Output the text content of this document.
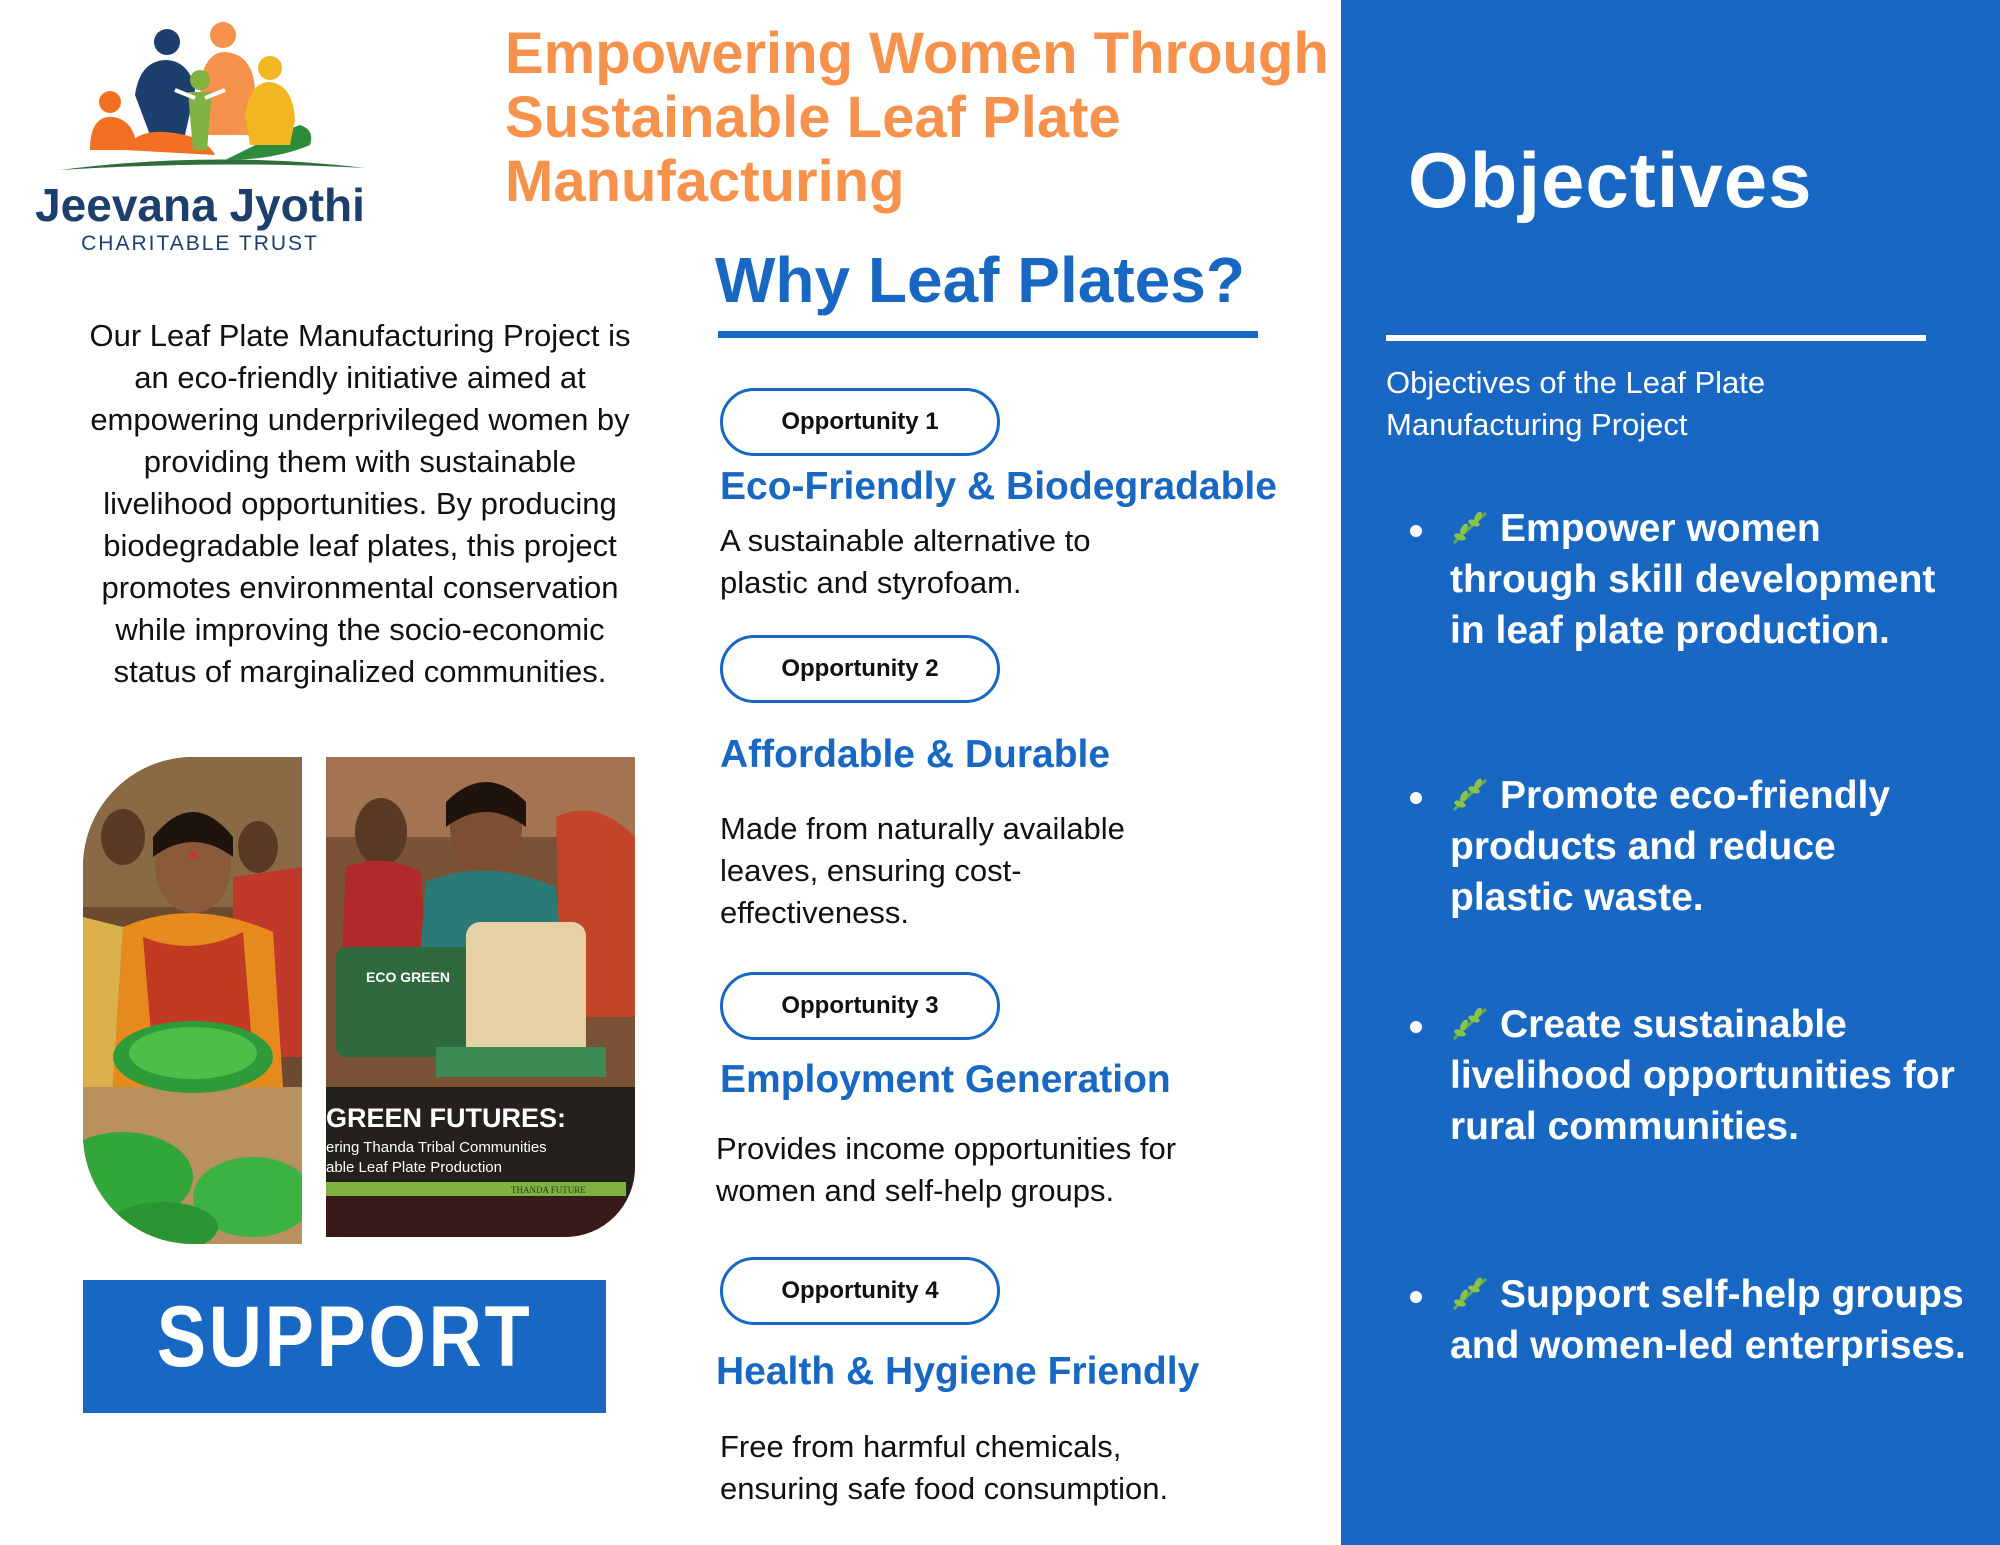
Jeevana Jyothi
CHARITABLE TRUST
Empowering Women Through Sustainable Leaf Plate Manufacturing
Our Leaf Plate Manufacturing Project is an eco-friendly initiative aimed at empowering underprivileged women by providing them with sustainable livelihood opportunities. By producing biodegradable leaf plates, this project promotes environmental conservation while improving the socio-economic status of marginalized communities.
ECO GREEN
GREEN FUTURES:
ering Thanda Tribal Communities
able Leaf Plate Production
THANDA FUTURE
SUPPORT
Why Leaf Plates?
Opportunity 1
Eco-Friendly & Biodegradable
A sustainable alternative to plastic and styrofoam.
Opportunity 2
Affordable & Durable
Made from naturally available leaves, ensuring cost-effectiveness.
Opportunity 3
Employment Generation
Provides income opportunities for women and self-help groups.
Opportunity 4
Health & Hygiene Friendly
Free from harmful chemicals, ensuring safe food consumption.
Objectives
Objectives of the Leaf Plate Manufacturing Project
Empower women through skill development in leaf plate production.
Promote eco-friendly products and reduce plastic waste.
Create sustainable livelihood opportunities for rural communities.
Support self-help groups and women-led enterprises.
